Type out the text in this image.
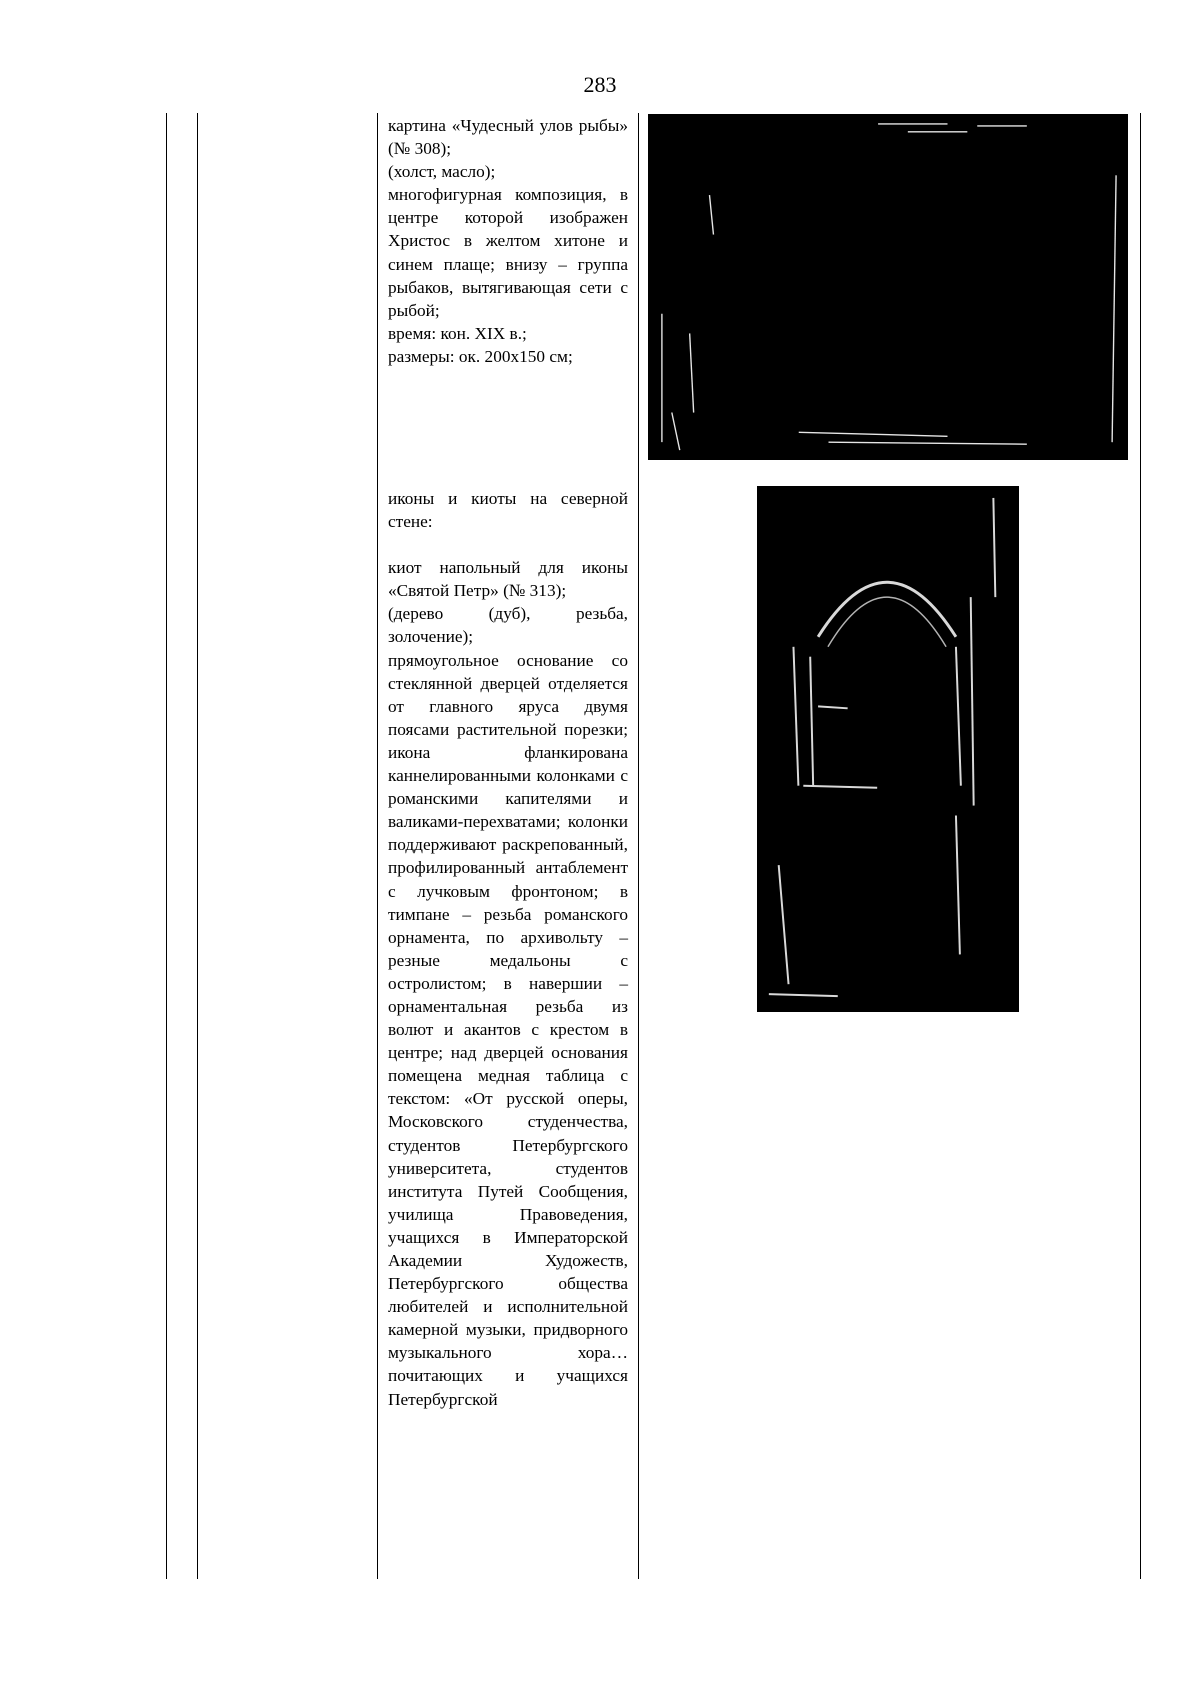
283

картина «Чудесный улов рыбы» (№ 308);

(холст, масло);

многофигурная композиция, в центре которой изображен Христос в желтом хитоне и синем плаще; внизу – группа рыбаков, вытягивающая сети с рыбой;

время: кон. XIX в.;

размеры: ок. 200х150 см;

иконы и киоты на северной стене:

киот напольный для иконы «Святой Петр» (№ 313);

(дерево (дуб), резьба, золочение);

прямоугольное основание со стеклянной дверцей отделяется от главного яруса двумя поясами растительной порезки; икона фланкирована каннелированными колонками с романскими капителями и валиками-перехватами; колонки поддерживают раскрепованный, профилированный антаблемент с лучковым фронтоном; в тимпане – резьба романского орнамента, по архивольту – резные медальоны с остролистом; в навершии – орнаментальная резьба из волют и акантов с крестом в центре; над дверцей основания помещена медная таблица с текстом: «От русской оперы, Московского студенчества, студентов Петербургского университета, студентов института Путей Сообщения, училища Правоведения, учащихся в Императорской Академии Художеств, Петербургского общества любителей и исполнительной камерной музыки, придворного музыкального хора…почитающих и учащихся Петербургской
